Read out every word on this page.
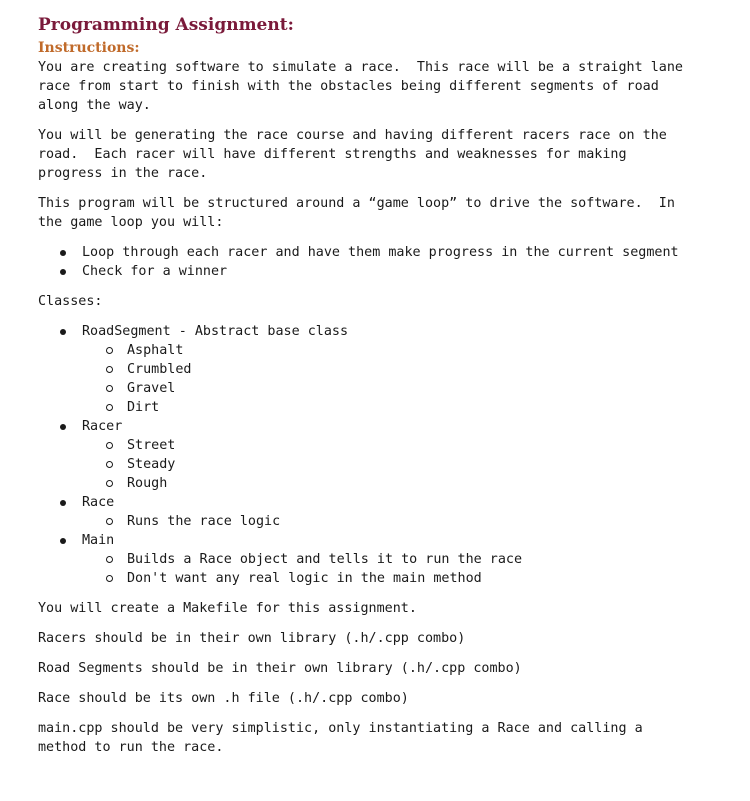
Programming Assignment:
Instructions:

You are creating software to simulate a race.  This race will be a straight lane
race from start to finish with the obstacles being different segments of road
along the way.

You will be generating the race course and having different racers race on the
road.  Each racer will have different strengths and weaknesses for making
progress in the race.

This program will be structured around a “game loop” to drive the software.  In
the game loop you will:

Loop through each racer and have them make progress in the current segment
Check for a winner
Classes:
RoadSegment - Abstract base class
Asphalt
Crumbled
Gravel
Dirt
Racer
Street
Steady
Rough
Race
Runs the race logic
Main
Builds a Race object and tells it to run the race
Don't want any real logic in the main method

You will create a Makefile for this assignment.

Racers should be in their own library (.h/.cpp combo)

Road Segments should be in their own library (.h/.cpp combo)

Race should be its own .h file (.h/.cpp combo)

main.cpp should be very simplistic, only instantiating a Race and calling a
method to run the race.
